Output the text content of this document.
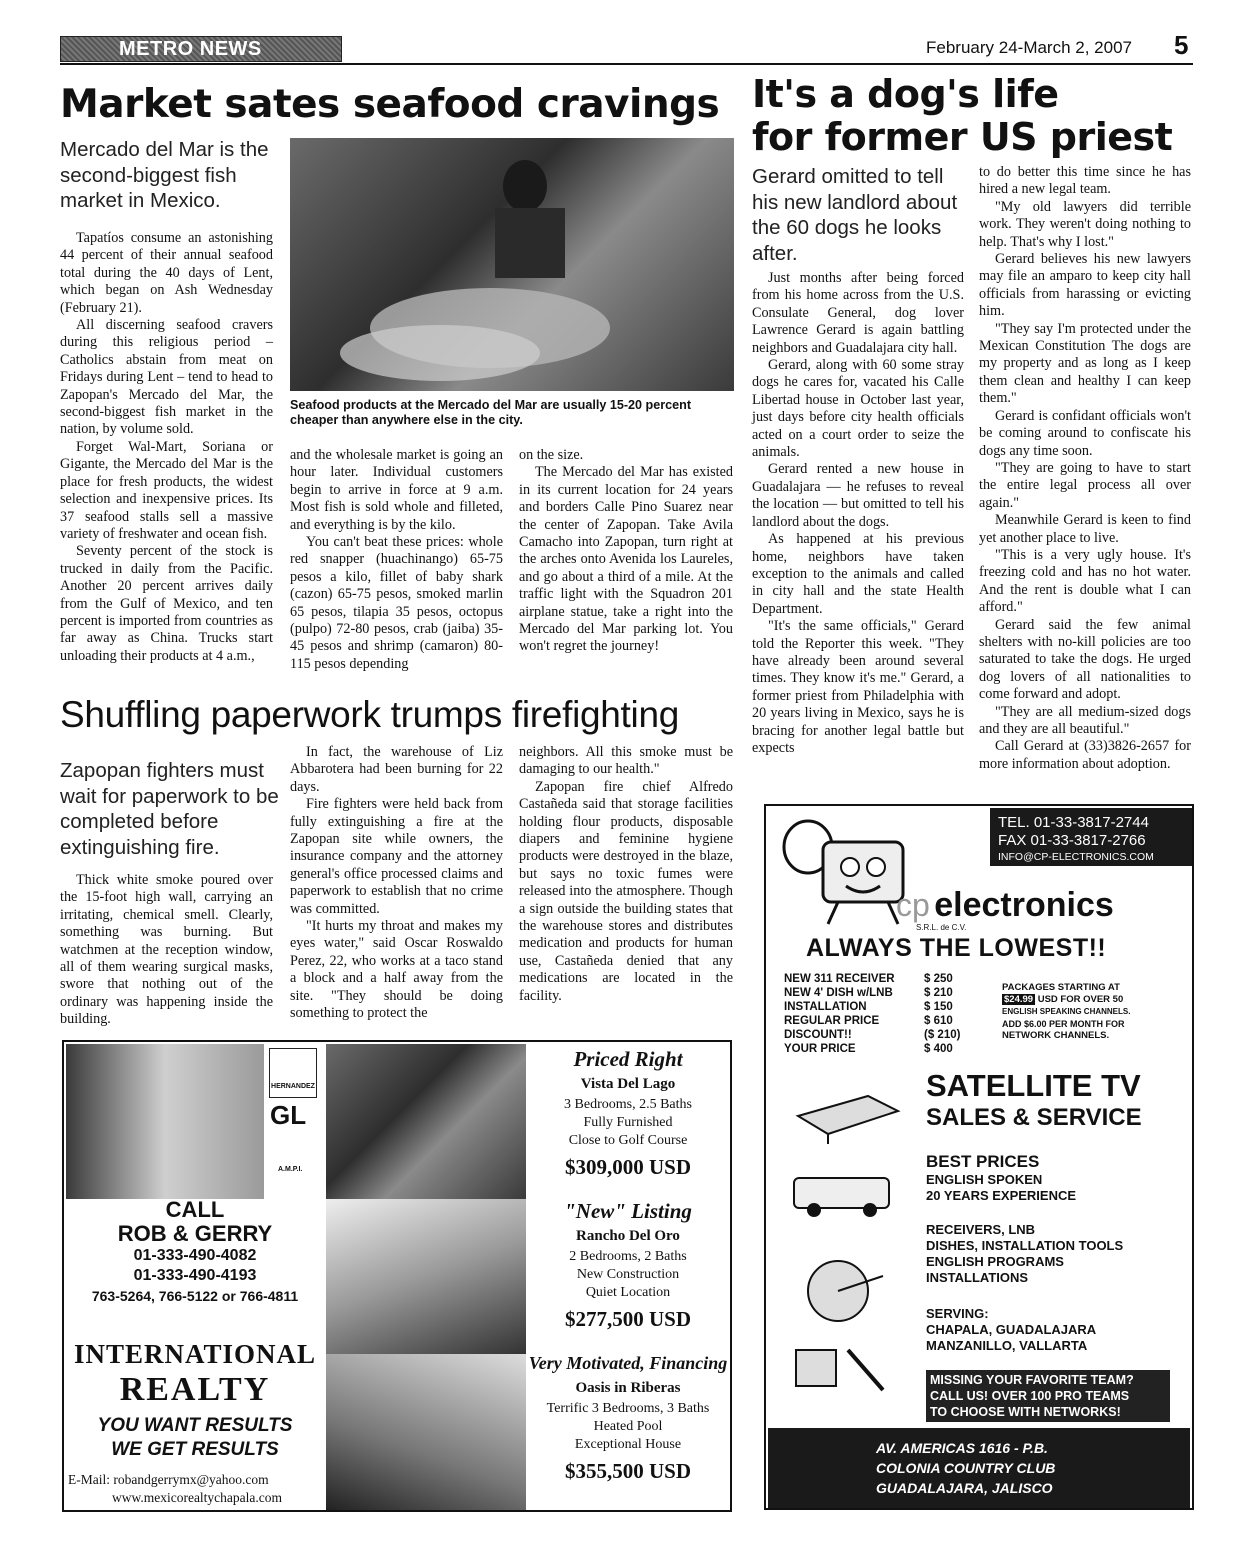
METRO NEWS	February 24-March 2, 2007 5
Market sates seafood cravings
Mercado del Mar is the second-biggest fish market in Mexico.
Seafood products at the Mercado del Mar are usually 15-20 percent cheaper than anywhere else in the city.

Tapatíos consume an astonishing 44 percent of their annual seafood total during the 40 days of Lent, which began on Ash Wednesday (February 21).

All discerning seafood cravers during this religious period – Catholics abstain from meat on Fridays during Lent – tend to head to Zapopan's Mercado del Mar, the second-biggest fish market in the nation, by volume sold.

Forget Wal-Mart, Soriana or Gigante, the Mercado del Mar is the place for fresh products, the widest selection and inexpensive prices. Its 37 seafood stalls sell a massive variety of freshwater and ocean fish.

Seventy percent of the stock is trucked in daily from the Pacific. Another 20 percent arrives daily from the Gulf of Mexico, and ten percent is imported from countries as far away as China. Trucks start unloading their products at 4 a.m.,

and the wholesale market is going an hour later. Individual customers begin to arrive in force at 9 a.m. Most fish is sold whole and filleted, and everything is by the kilo.

You can't beat these prices: whole red snapper (huachinango) 65-75 pesos a kilo, fillet of baby shark (cazon) 65-75 pesos, smoked marlin 65 pesos, tilapia 35 pesos, octopus (pulpo) 72-80 pesos, crab (jaiba) 35-45 pesos and shrimp (camaron) 80-115 pesos depending

on the size.

The Mercado del Mar has existed in its current location for 24 years and borders Calle Pino Suarez near the center of Zapopan. Take Avila Camacho into Zapopan, turn right at the arches onto Avenida los Laureles, and go about a third of a mile. At the traffic light with the Squadron 201 airplane statue, take a right into the Mercado del Mar parking lot. You won't regret the journey!

Shuffling paperwork trumps firefighting
Zapopan fighters must wait for paperwork to be completed before extinguishing fire.

Thick white smoke poured over the 15-foot high wall, carrying an irritating, chemical smell. Clearly, something was burning. But watchmen at the reception window, all of them wearing surgical masks, swore that nothing out of the ordinary was happening inside the building.

In fact, the warehouse of Liz Abbarotera had been burning for 22 days.

Fire fighters were held back from fully extinguishing a fire at the Zapopan site while owners, the insurance company and the attorney general's office processed claims and paperwork to establish that no crime was committed.

"It hurts my throat and makes my eyes water," said Oscar Roswaldo Perez, 22, who works at a taco stand a block and a half away from the site. "They should be doing something to protect the

neighbors. All this smoke must be damaging to our health."

Zapopan fire chief Alfredo Castañeda said that storage facilities holding flour products, disposable diapers and feminine hygiene products were destroyed in the blaze, but says no toxic fumes were released into the atmosphere. Though a sign outside the building states that the warehouse stores and distributes medication and products for human use, Castañeda denied that any medications are located in the facility.

It's a dog's life
for former US priest
Gerard omitted to tell his new landlord about the 60 dogs he looks after.

Just months after being forced from his home across from the U.S. Consulate General, dog lover Lawrence Gerard is again battling neighbors and Guadalajara city hall.

Gerard, along with 60 some stray dogs he cares for, vacated his Calle Libertad house in October last year, just days before city health officials acted on a court order to seize the animals.

Gerard rented a new house in Guadalajara — he refuses to reveal the location — but omitted to tell his landlord about the dogs.

As happened at his previous home, neighbors have taken exception to the animals and called in city hall and the state Health Department.

"It's the same officials," Gerard told the Reporter this week. "They have already been around several times. They know it's me." Gerard, a former priest from Philadelphia with 20 years living in Mexico, says he is bracing for another legal battle but expects

to do better this time since he has hired a new legal team.

"My old lawyers did terrible work. They weren't doing nothing to help. That's why I lost."

Gerard believes his new lawyers may file an amparo to keep city hall officials from harassing or evicting him.

"They say I'm protected under the Mexican Constitution The dogs are my property and as long as I keep them clean and healthy I can keep them."

Gerard is confidant officials won't be coming around to confiscate his dogs any time soon.

"They are going to have to start the entire legal process all over again."

Meanwhile Gerard is keen to find yet another place to live.

"This is a very ugly house. It's freezing cold and has no hot water. And the rent is double what I can afford."

Gerard said the few animal shelters with no-kill policies are too saturated to take the dogs. He urged dog lovers of all nationalities to come forward and adopt.

"They are all medium-sized dogs and they are all beautiful."

Call Gerard at (33)3826-2657 for more information about adoption.

HERNANDEZ
GL
A.M.P.I.
CALL
ROB & GERRY
01-333-490-4082
01-333-490-4193
763-5264, 766-5122 or 766-4811
INTERNATIONAL
REALTY
YOU WANT RESULTS
WE GET RESULTS
E-Mail: robandgerrymx@yahoo.com
www.mexicorealtychapala.com
Priced Right
Vista Del Lago
3 Bedrooms, 2.5 Baths
Fully Furnished
Close to Golf Course
$309,000 USD
"New" Listing
Rancho Del Oro
2 Bedrooms, 2 Baths
New Construction
Quiet Location
$277,500 USD
Very Motivated, Financing
Oasis in Riberas
Terrific 3 Bedrooms, 3 Baths
Heated Pool
Exceptional House
$355,500 USD
TEL. 01-33-3817-2744
FAX 01-33-3817-2766
INFO@CP-ELECTRONICS.COM
cp electronics
S.R.L. de C.V.
ALWAYS THE LOWEST!!
NEW 311 RECEIVER	$ 250
NEW 4' DISH w/LNB	$ 210
INSTALLATION	$ 150
REGULAR PRICE	$ 610
DISCOUNT!!	($ 210)
YOUR PRICE	$ 400
PACKAGES STARTING AT
$24.99 USD FOR OVER 50
ENGLISH SPEAKING CHANNELS.
ADD $6.00 PER MONTH FOR
NETWORK CHANNELS.
SATELLITE TV
SALES & SERVICE
BEST PRICES
ENGLISH SPOKEN
20 YEARS EXPERIENCE
RECEIVERS, LNB
DISHES, INSTALLATION TOOLS
ENGLISH PROGRAMS
INSTALLATIONS
SERVING:
CHAPALA, GUADALAJARA
MANZANILLO, VALLARTA
MISSING YOUR FAVORITE TEAM?
CALL US! OVER 100 PRO TEAMS
TO CHOOSE WITH NETWORKS!
AV. AMERICAS 1616 - P.B.
COLONIA COUNTRY CLUB
GUADALAJARA, JALISCO
